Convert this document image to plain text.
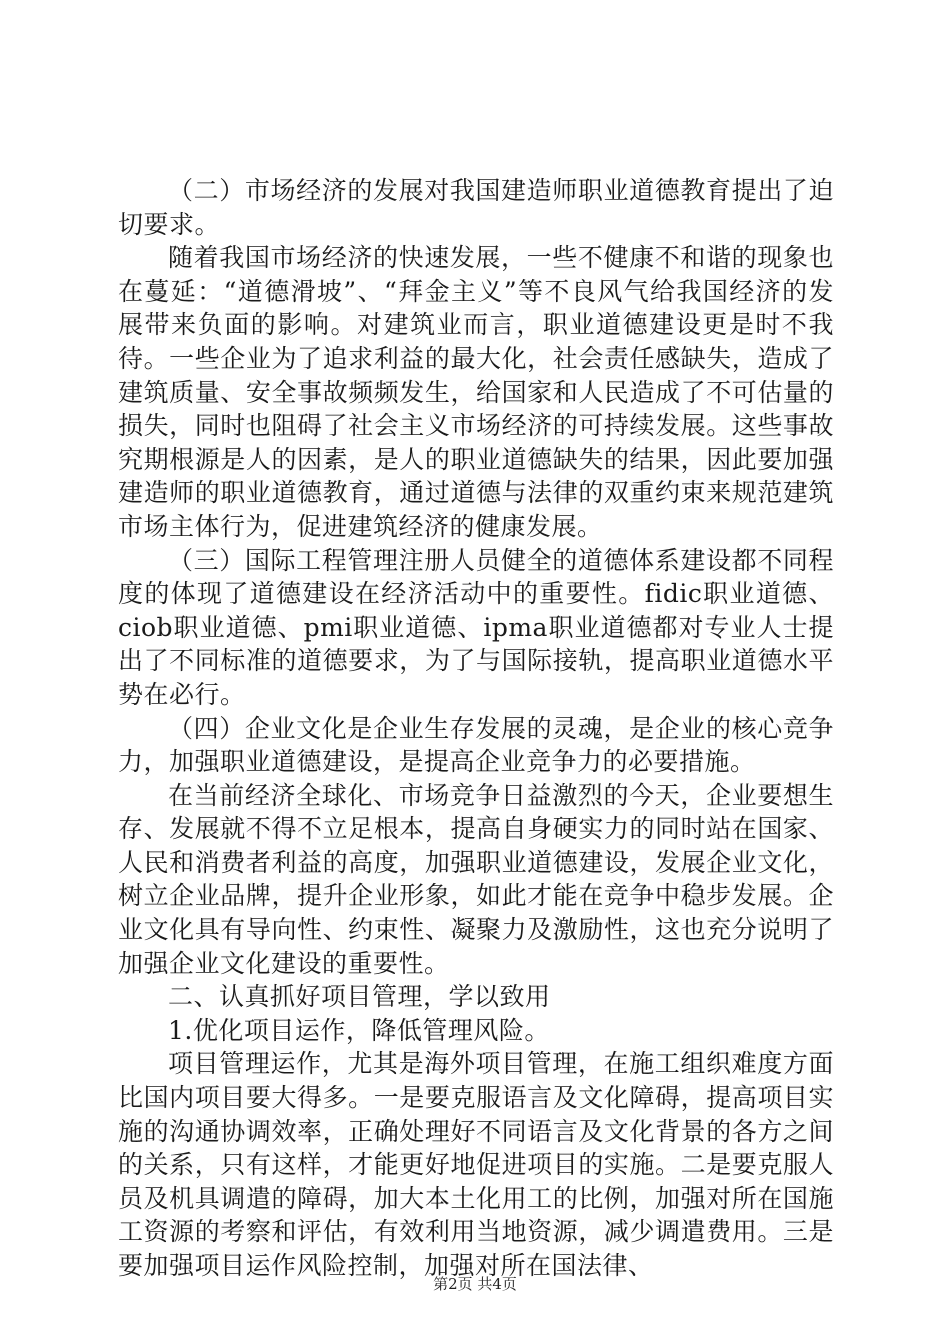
（二）市场经济的发展对我国建造师职业道德教育提出了迫切要求。

随着我国市场经济的快速发展，一些不健康不和谐的现象也在蔓延：“道德滑坡”、“拜金主义”等不良风气给我国经济的发展带来负面的影响。对建筑业而言，职业道德建设更是时不我待。一些企业为了追求利益的最大化，社会责任感缺失，造成了建筑质量、安全事故频频发生，给国家和人民造成了不可估量的损失，同时也阻碍了社会主义市场经济的可持续发展。这些事故究期根源是人的因素，是人的职业道德缺失的结果，因此要加强建造师的职业道德教育，通过道德与法律的双重约束来规范建筑市场主体行为，促进建筑经济的健康发展。

（三）国际工程管理注册人员健全的道德体系建设都不同程度的体现了道德建设在经济活动中的重要性。fidic职业道德、ciob职业道德、pmi职业道德、ipma职业道德都对专业人士提出了不同标准的道德要求，为了与国际接轨，提高职业道德水平势在必行。

（四）企业文化是企业生存发展的灵魂，是企业的核心竞争力，加强职业道德建设，是提高企业竞争力的必要措施。

在当前经济全球化、市场竞争日益激烈的今天，企业要想生存、发展就不得不立足根本，提高自身硬实力的同时站在国家、人民和消费者利益的高度，加强职业道德建设，发展企业文化，树立企业品牌，提升企业形象，如此才能在竞争中稳步发展。企业文化具有导向性、约束性、凝聚力及激励性，这也充分说明了加强企业文化建设的重要性。

二、认真抓好项目管理，学以致用

1.优化项目运作，降低管理风险。

项目管理运作，尤其是海外项目管理，在施工组织难度方面比国内项目要大得多。一是要克服语言及文化障碍，提高项目实施的沟通协调效率，正确处理好不同语言及文化背景的各方之间的关系，只有这样，才能更好地促进项目的实施。二是要克服人员及机具调遣的障碍，加大本土化用工的比例，加强对所在国施工资源的考察和评估，有效利用当地资源，减少调遣费用。三是要加强项目运作风险控制，加强对所在国法律、

第2页 共4页
